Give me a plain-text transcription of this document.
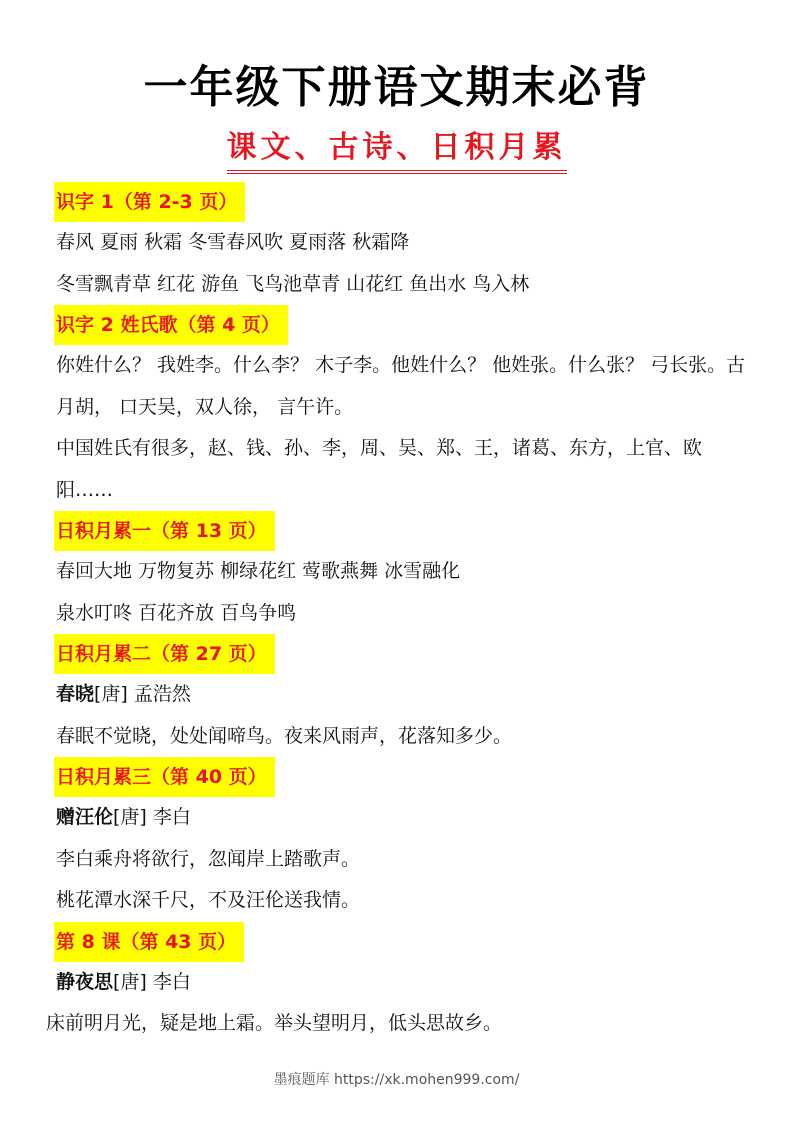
一年级下册语文期末必背
课文、古诗、日积月累
识字 1（第 2-3 页）
春风 夏雨 秋霜 冬雪春风吹 夏雨落 秋霜降
冬雪飘青草 红花 游鱼 飞鸟池草青 山花红 鱼出水 鸟入林
识字 2 姓氏歌（第 4 页）
你姓什么？ 我姓李。什么李？ 木子李。他姓什么？ 他姓张。什么张？ 弓长张。古月胡， 口天吴，双人徐， 言午许。
中国姓氏有很多，赵、钱、孙、李，周、吴、郑、王，诸葛、东方，上官、欧阳……
日积月累一（第 13 页）
春回大地 万物复苏 柳绿花红 莺歌燕舞 冰雪融化
泉水叮咚 百花齐放 百鸟争鸣
日积月累二（第 27 页）
春晓[唐] 孟浩然
春眠不觉晓，处处闻啼鸟。夜来风雨声，花落知多少。
日积月累三（第 40 页）
赠汪伦[唐] 李白
李白乘舟将欲行，忽闻岸上踏歌声。
桃花潭水深千尺，不及汪伦送我情。
第 8 课（第 43 页）
静夜思[唐] 李白
床前明月光，疑是地上霜。举头望明月，低头思故乡。
墨痕题库 https://xk.mohen999.com/
